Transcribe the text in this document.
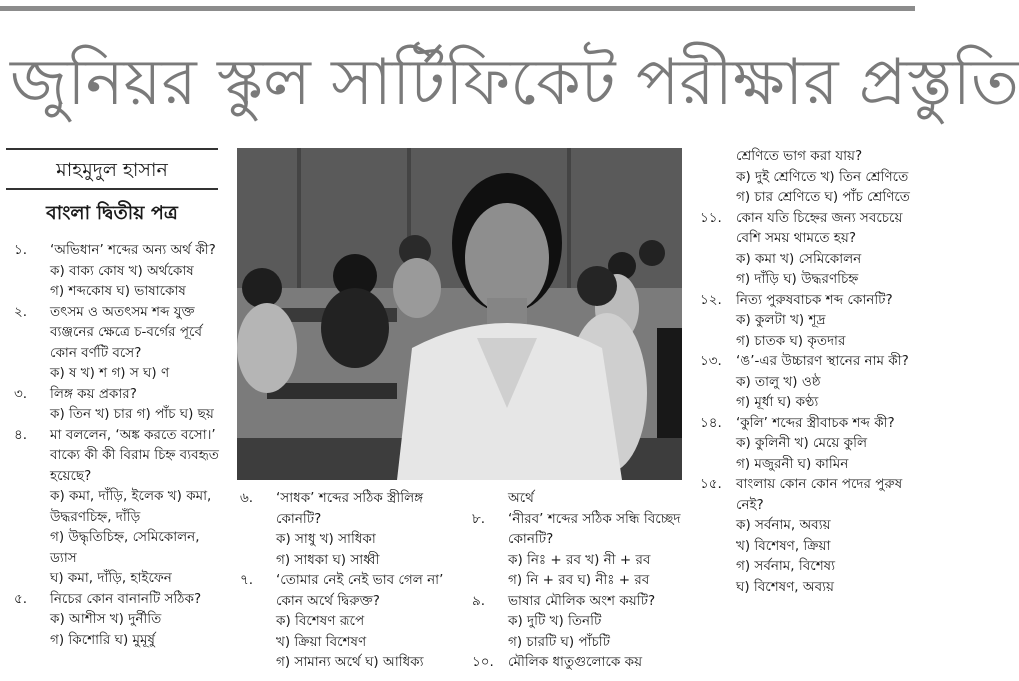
জুনিয়র স্কুল সার্টিফিকেট পরীক্ষার প্রস্তুতি
মাহমুদুল হাসান
বাংলা দ্বিতীয় পত্র
১.	‘অভিধান’ শব্দের অন্য অর্থ কী?
ক) বাক্য কোষ খ) অর্থকোষ
গ) শব্দকোষ ঘ) ভাষাকোষ
২.	তৎসম ও অতৎসম শব্দ যুক্ত ব্যঞ্জনের ক্ষেত্রে চ-বর্গের পূর্বে কোন বর্ণটি বসে?
ক) ষ খ) শ গ) স ঘ) ণ
৩.	লিঙ্গ কয় প্রকার?
ক) তিন খ) চার গ) পাঁচ ঘ) ছয়
৪.	মা বললেন, ‘অঙ্ক করতে বসো।’ বাক্যে কী কী বিরাম চিহ্ন ব্যবহৃত হয়েছে?
ক) কমা, দাঁড়ি, ইলেক খ) কমা, উদ্ধরণচিহ্ন, দাঁড়ি
গ) উদ্ধৃতিচিহ্ন, সেমিকোলন, ড্যাস
ঘ) কমা, দাঁড়ি, হাইফেন
৫.	নিচের কোন বানানটি সঠিক?
ক) আশীস খ) দুর্নীতি
গ) কিশোরি ঘ) মুমূর্ষু
৬.	‘সাধক’ শব্দের সঠিক স্ত্রীলিঙ্গ কোনটি?
ক) সাধু খ) সাধিকা
গ) সাধকা ঘ) সাধ্বী
৭.	‘তোমার নেই নেই ভাব গেল না’ কোন অর্থে দ্বিরুক্ত?
ক) বিশেষণ রূপে
খ) ক্রিয়া বিশেষণ
গ) সামান্য অর্থে ঘ) আধিক্য
অর্থে
৮.	‘নীরব’ শব্দের সঠিক সন্ধি বিচ্ছেদ কোনটি?
ক) নিঃ + রব খ) নী + রব
গ) নি + রব ঘ) নীঃ + রব
৯.	ভাষার মৌলিক অংশ কয়টি?
ক) দুটি খ) তিনটি
গ) চারটি ঘ) পাঁচটি
১০.	মৌলিক ধাতুগুলোকে কয়
শ্রেণিতে ভাগ করা যায়?
ক) দুই শ্রেণিতে খ) তিন শ্রেণিতে
গ) চার শ্রেণিতে ঘ) পাঁচ শ্রেণিতে
১১.	কোন যতি চিহ্নের জন্য সবচেয়ে বেশি সময় থামতে হয়?
ক) কমা খ) সেমিকোলন
গ) দাঁড়ি ঘ) উদ্ধরণচিহ্ন
১২.	নিত্য পুরুষবাচক শব্দ কোনটি?
ক) কুলটা খ) শূদ্র
গ) চাতক ঘ) কৃতদার
১৩.	‘ঙ’-এর উচ্চারণ স্থানের নাম কী?
ক) তালু খ) ওষ্ঠ
গ) মূর্ধা ঘ) কণ্ঠ্য
১৪.	‘কুলি’ শব্দের স্ত্রীবাচক শব্দ কী?
ক) কুলিনী খ) মেয়ে কুলি
গ) মজুরনী ঘ) কামিন
১৫.	বাংলায় কোন কোন পদের পুরুষ নেই?
ক) সর্বনাম, অব্যয়
খ) বিশেষণ, ক্রিয়া
গ) সর্বনাম, বিশেষ্য
ঘ) বিশেষণ, অব্যয়
